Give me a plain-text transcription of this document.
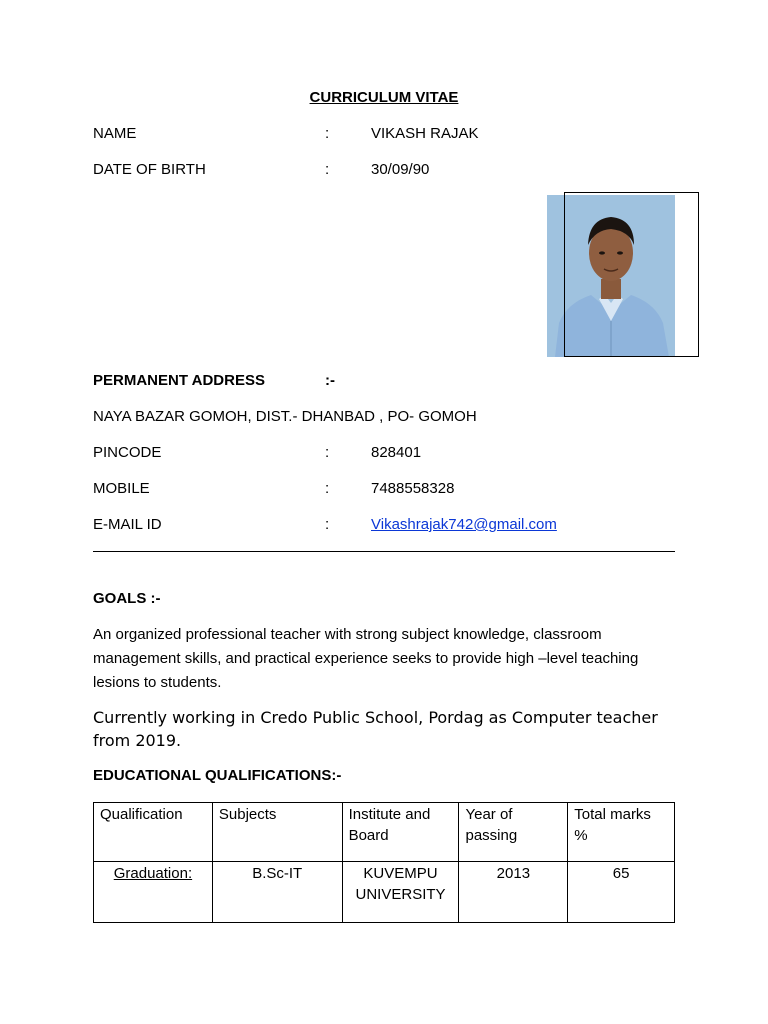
CURRICULUM VITAE
NAME	:	VIKASH RAJAK
DATE OF BIRTH	:	30/09/90
PERMANENT ADDRESS	:-
NAYA BAZAR GOMOH, DIST.- DHANBAD , PO- GOMOH
PINCODE	:	828401
MOBILE	:	7488558328
E-MAIL ID	:	Vikashrajak742@gmail.com
GOALS :-
An organized professional teacher with strong subject knowledge, classroom management skills, and practical experience seeks to provide high –level teaching lesions to students.
Currently working in Credo Public School, Pordag as Computer teacher from 2019.
EDUCATIONAL QUALIFICATIONS:-
Qualification	Subjects	Institute and Board	Year of passing	Total marks %
Graduation:	B.Sc-IT	KUVEMPU UNIVERSITY	2013	65
